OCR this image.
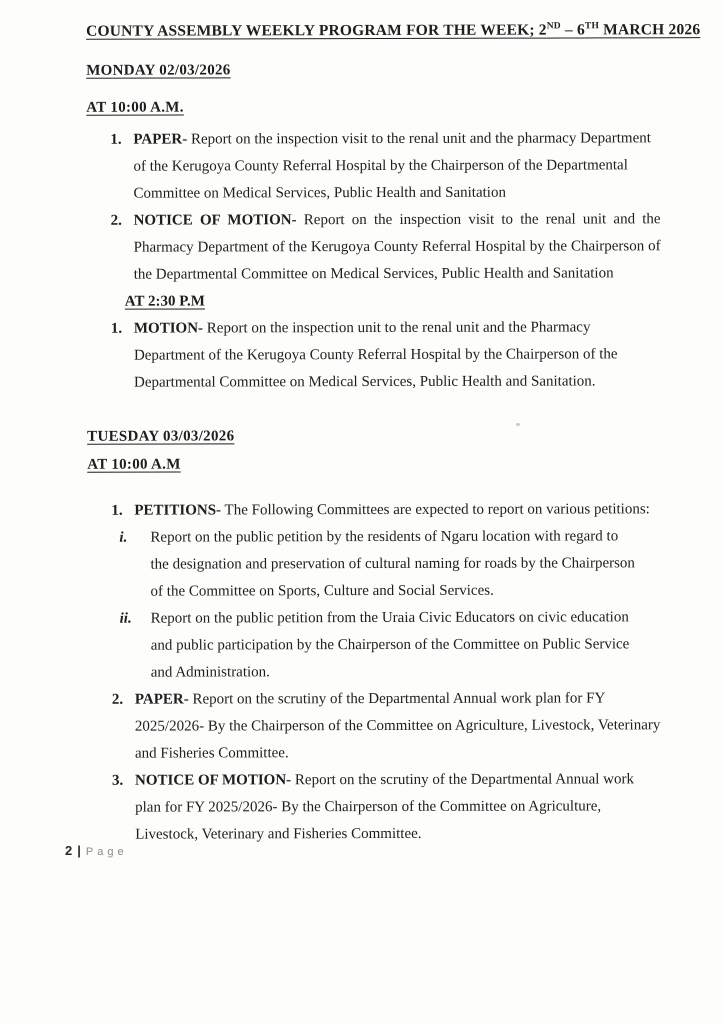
COUNTY ASSEMBLY WEEKLY PROGRAM FOR THE WEEK; 2ND – 6TH MARCH 2026
MONDAY 02/03/2026
AT 10:00 A.M.
1. PAPER- Report on the inspection visit to the renal unit and the pharmacy Department of the Kerugoya County Referral Hospital by the Chairperson of the Departmental Committee on Medical Services, Public Health and Sanitation
2. NOTICE OF MOTION- Report on the inspection visit to the renal unit and the Pharmacy Department of the Kerugoya County Referral Hospital by the Chairperson of the Departmental Committee on Medical Services, Public Health and Sanitation
AT 2:30 P.M
1. MOTION- Report on the inspection unit to the renal unit and the Pharmacy Department of the Kerugoya County Referral Hospital by the Chairperson of the Departmental Committee on Medical Services, Public Health and Sanitation.
TUESDAY 03/03/2026
AT 10:00 A.M
1. PETITIONS- The Following Committees are expected to report on various petitions:
i.	Report on the public petition by the residents of Ngaru location with regard to the designation and preservation of cultural naming for roads by the Chairperson of the Committee on Sports, Culture and Social Services.
ii.	Report on the public petition from the Uraia Civic Educators on civic education and public participation by the Chairperson of the Committee on Public Service and Administration.
2. PAPER- Report on the scrutiny of the Departmental Annual work plan for FY 2025/2026- By the Chairperson of the Committee on Agriculture, Livestock, Veterinary and Fisheries Committee.
3. NOTICE OF MOTION- Report on the scrutiny of the Departmental Annual work plan for FY 2025/2026- By the Chairperson of the Committee on Agriculture, Livestock, Veterinary and Fisheries Committee.
2 | Page
